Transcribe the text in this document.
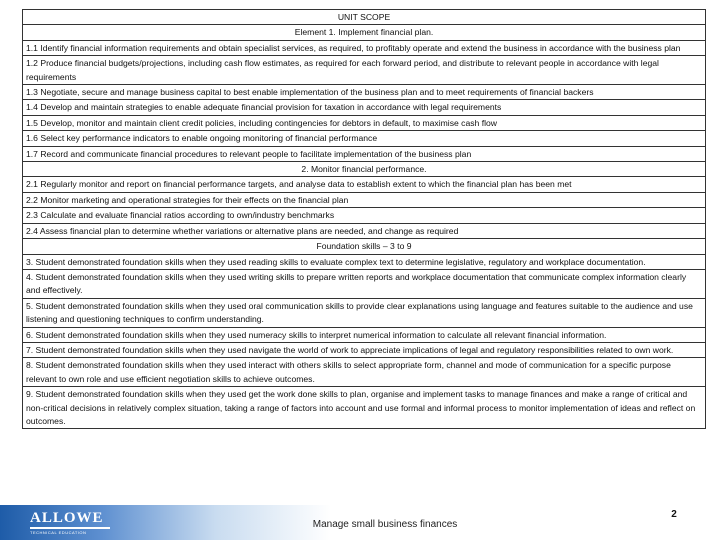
UNIT SCOPE
Element 1. Implement financial plan.
1.1 Identify financial information requirements and obtain specialist services, as required, to profitably operate and extend the business in accordance with the business plan
1.2 Produce financial budgets/projections, including cash flow estimates, as required for each forward period, and distribute to relevant people in accordance with legal requirements
1.3 Negotiate, secure and manage business capital to best enable implementation of the business plan and to meet requirements of financial backers
1.4 Develop and maintain strategies to enable adequate financial provision for taxation in accordance with legal requirements
1.5 Develop, monitor and maintain client credit policies, including contingencies for debtors in default, to maximise cash flow
1.6 Select key performance indicators to enable ongoing monitoring of financial performance
1.7 Record and communicate financial procedures to relevant people to facilitate implementation of the business plan
2. Monitor financial performance.
2.1 Regularly monitor and report on financial performance targets, and analyse data to establish extent to which the financial plan has been met
2.2 Monitor marketing and operational strategies for their effects on the financial plan
2.3 Calculate and evaluate financial ratios according to own/industry benchmarks
2.4 Assess financial plan to determine whether variations or alternative plans are needed, and change as required
Foundation skills – 3 to 9
3. Student demonstrated foundation skills when they used reading skills to evaluate complex text to determine legislative, regulatory and workplace documentation.
4. Student demonstrated foundation skills when they used writing skills to prepare written reports and workplace documentation that communicate complex information clearly and effectively.
5. Student demonstrated foundation skills when they used oral communication skills to provide clear explanations using language and features suitable to the audience and use listening and questioning techniques to confirm understanding.
6. Student demonstrated foundation skills when they used numeracy skills to interpret numerical information to calculate all relevant financial information.
7. Student demonstrated foundation skills when they used navigate the world of work to appreciate implications of legal and regulatory responsibilities related to own work.
8. Student demonstrated foundation skills when they used interact with others skills to select appropriate form, channel and mode of communication for a specific purpose relevant to own role and use efficient negotiation skills to achieve outcomes.
9. Student demonstrated foundation skills when they used get the work done skills to plan, organise and implement tasks to manage finances and make a range of critical and non-critical decisions in relatively complex situation, taking a range of factors into account and use formal and informal process to monitor implementation of ideas and reflect on outcomes.
ALLOWE
TECHNICAL EDUCATION
Manage small business finances
2
